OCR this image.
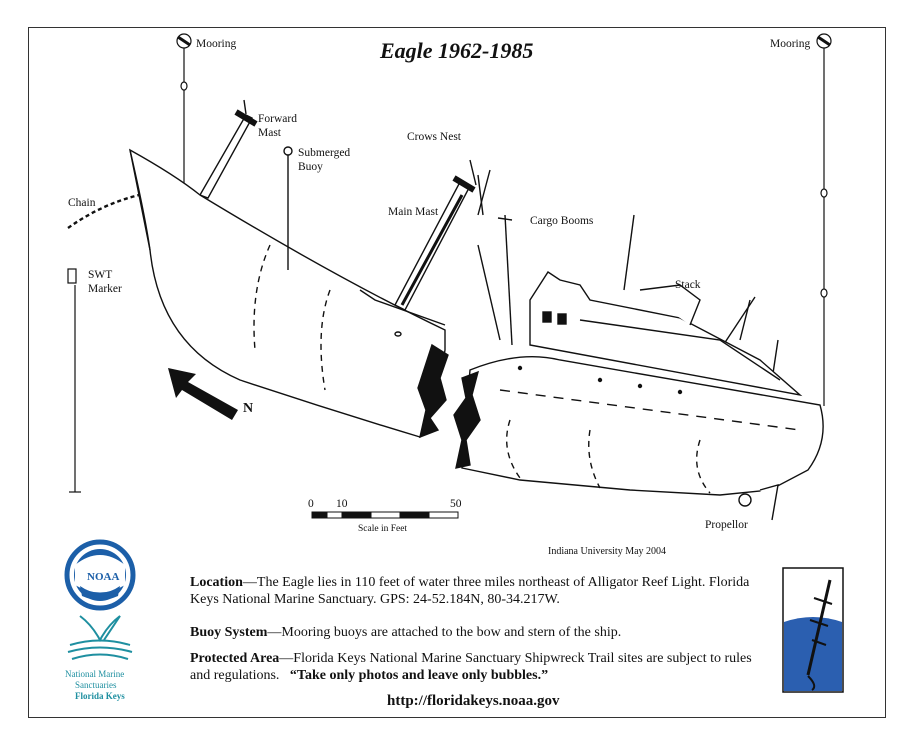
Eagle 1962-1985
Mooring	Mooring
Forward
Mast
Submerged
Buoy
Crows Nest
Chain
Main Mast
Cargo Booms
Stack
SWT
Marker
N
Propellor
0 10	50
Scale in Feet
Indiana University May 2004
NOAA
National Marine
Sanctuaries
Florida Keys
Location—The Eagle lies in 110 feet of water three miles northeast of Alligator Reef Light. Florida Keys National Marine Sanctuary. GPS: 24-52.184N, 80-34.217W.
Buoy System—Mooring buoys are attached to the bow and stern of the ship.
Protected Area—Florida Keys National Marine Sanctuary Shipwreck Trail sites are subject to rules and regulations. “Take only photos and leave only bubbles.”
http://floridakeys.noaa.gov
